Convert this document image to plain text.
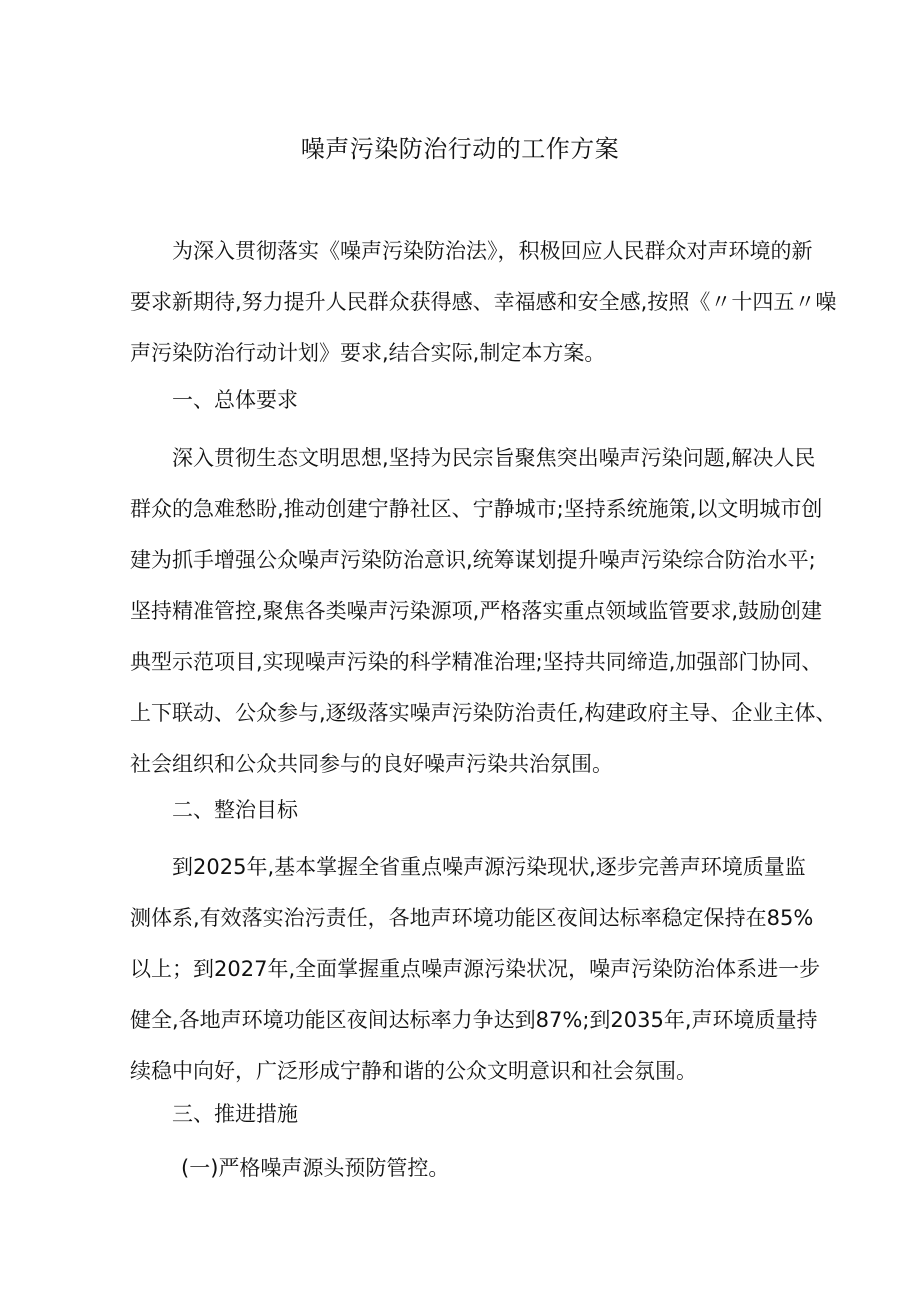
噪声污染防治行动的工作方案

为深入贯彻落实《噪声污染防治法》，积极回应人民群众对声环境的新
要求新期待,努力提升人民群众获得感、幸福感和安全感,按照《〃十四五〃噪
声污染防治行动计划》要求,结合实际,制定本方案。

一、总体要求

深入贯彻生态文明思想,坚持为民宗旨聚焦突出噪声污染问题,解决人民
群众的急难愁盼,推动创建宁静社区、宁静城市;坚持系统施策,以文明城市创
建为抓手增强公众噪声污染防治意识,统筹谋划提升噪声污染综合防治水平;
坚持精准管控,聚焦各类噪声污染源项,严格落实重点领域监管要求,鼓励创建
典型示范项目,实现噪声污染的科学精准治理;坚持共同缔造,加强部门协同、
上下联动、公众参与,逐级落实噪声污染防治责任,构建政府主导、企业主体、
社会组织和公众共同参与的良好噪声污染共治氛围。

二、整治目标

到2025年,基本掌握全省重点噪声源污染现状,逐步完善声环境质量监
测体系,有效落实治污责任，各地声环境功能区夜间达标率稳定保持在85%
以上；到2027年,全面掌握重点噪声源污染状况，噪声污染防治体系进一步
健全,各地声环境功能区夜间达标率力争达到87%;到2035年,声环境质量持
续稳中向好，广泛形成宁静和谐的公众文明意识和社会氛围。

三、推进措施
(一)严格噪声源头预防管控。
